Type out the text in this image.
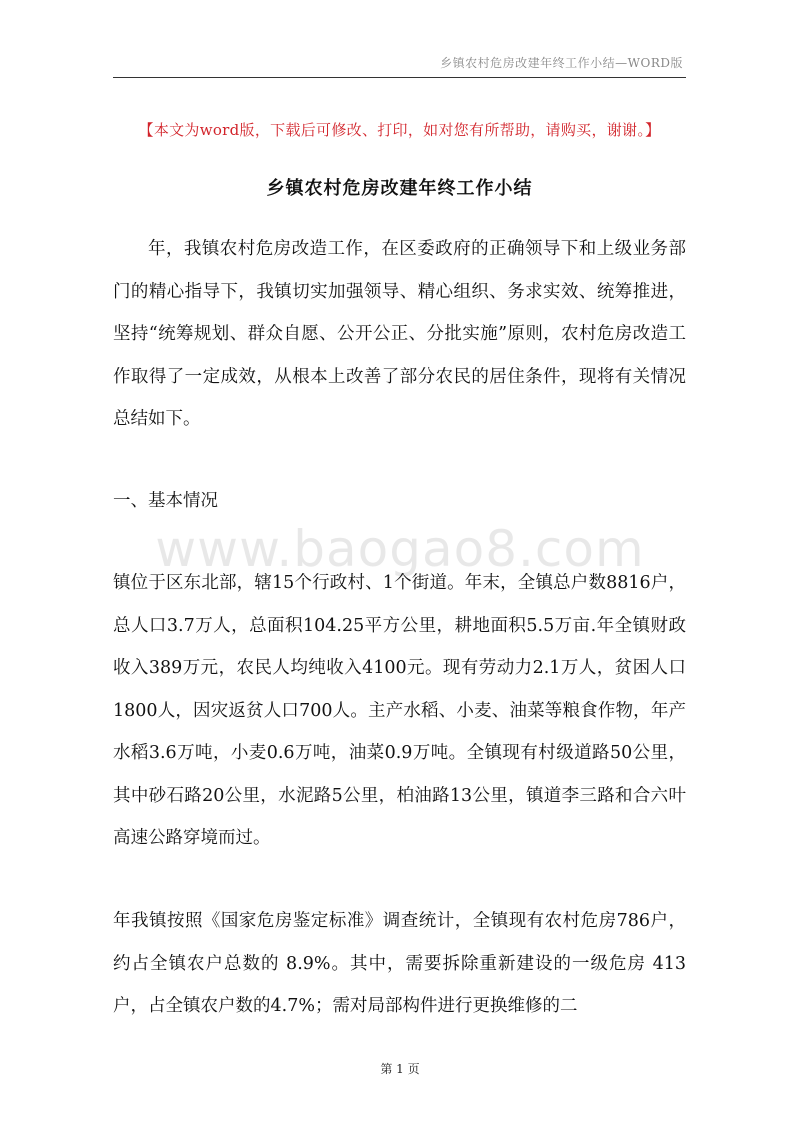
乡镇农村危房改建年终工作小结—WORD版
【本文为word版，下载后可修改、打印，如对您有所帮助，请购买，谢谢。】
乡镇农村危房改建年终工作小结

年，我镇农村危房改造工作，在区委政府的正确领导下和上级业务部门的精心指导下，我镇切实加强领导、精心组织、务求实效、统筹推进，坚持“统筹规划、群众自愿、公开公正、分批实施”原则，农村危房改造工作取得了一定成效，从根本上改善了部分农民的居住条件，现将有关情况总结如下。

一、基本情况
www.baogao8.com

镇位于区东北部，辖15个行政村、1个街道。年末，全镇总户数8816户，总人口3.7万人，总面积104.25平方公里，耕地面积5.5万亩.年全镇财政收入389万元，农民人均纯收入4100元。现有劳动力2.1万人，贫困人口1800人，因灾返贫人口700人。主产水稻、小麦、油菜等粮食作物，年产水稻3.6万吨，小麦0.6万吨，油菜0.9万吨。全镇现有村级道路50公里，其中砂石路20公里，水泥路5公里，柏油路13公里，镇道李三路和合六叶高速公路穿境而过。

年我镇按照《国家危房鉴定标准》调查统计，全镇现有农村危房786户，约占全镇农户总数的 8.9%。其中，需要拆除重新建设的一级危房 413 户，占全镇农户数的4.7%；需对局部构件进行更换维修的二

第 1 页
